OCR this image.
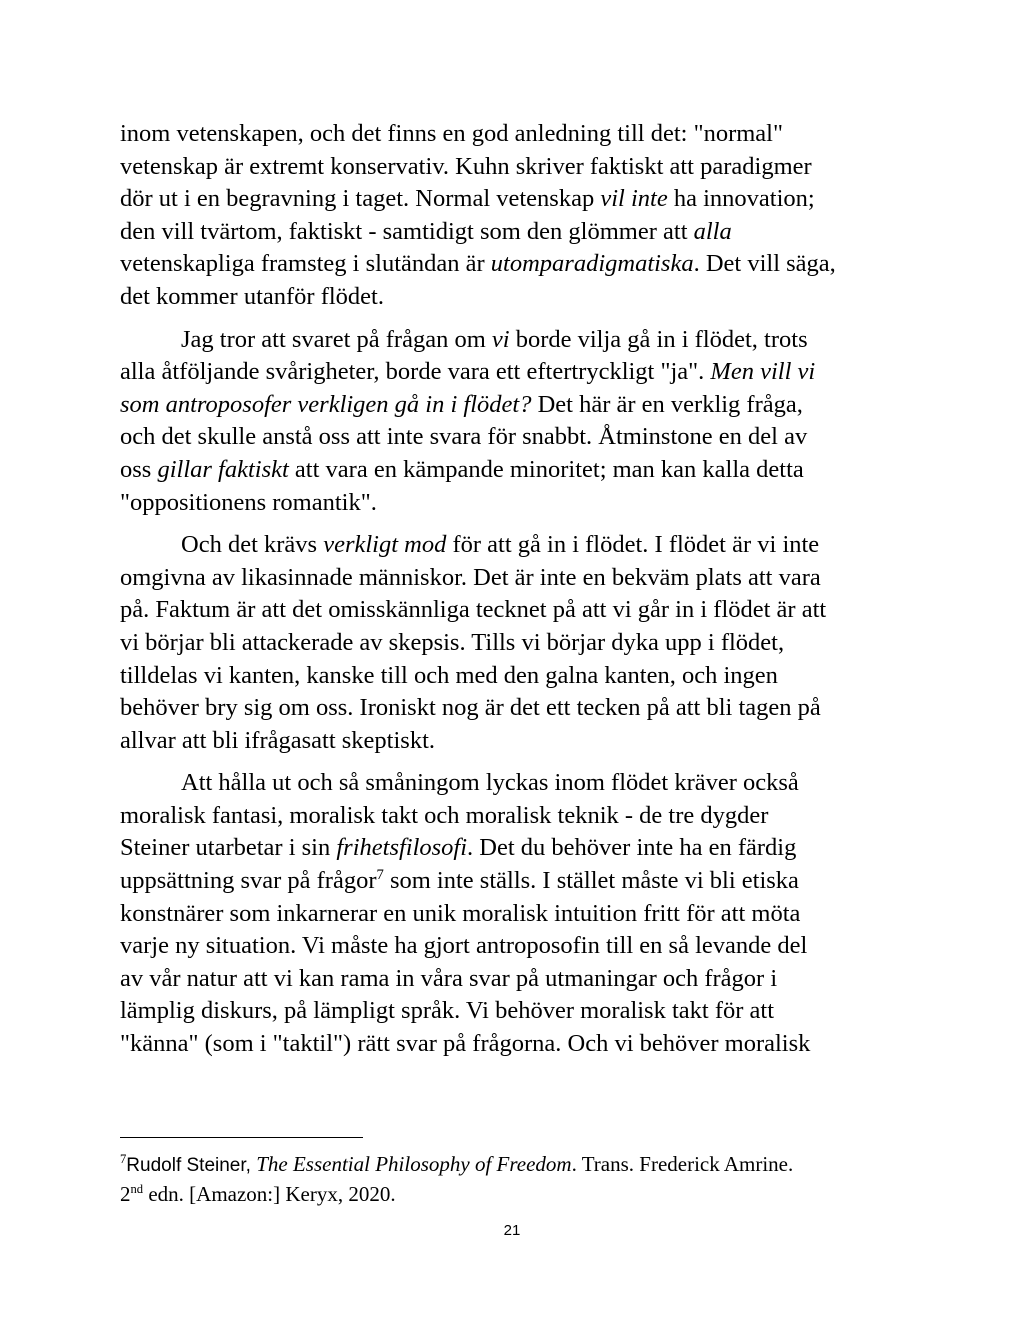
inom vetenskapen, och det finns en god anledning till det: "normal"
vetenskap är extremt konservativ. Kuhn skriver faktiskt att paradigmer
dör ut i en begravning i taget. Normal vetenskap vil inte ha innovation;
den vill tvärtom, faktiskt - samtidigt som den glömmer att alla
vetenskapliga framsteg i slutändan är utomparadigmatiska. Det vill säga,
det kommer utanför flödet.
Jag tror att svaret på frågan om vi borde vilja gå in i flödet, trots
alla åtföljande svårigheter, borde vara ett eftertryckligt "ja". Men vill vi
som antroposofer verkligen gå in i flödet? Det här är en verklig fråga,
och det skulle anstå oss att inte svara för snabbt. Åtminstone en del av
oss gillar faktiskt att vara en kämpande minoritet; man kan kalla detta
"oppositionens romantik".
Och det krävs verkligt mod för att gå in i flödet. I flödet är vi inte
omgivna av likasinnade människor. Det är inte en bekväm plats att vara
på. Faktum är att det omisskännliga tecknet på att vi går in i flödet är att
vi börjar bli attackerade av skepsis. Tills vi börjar dyka upp i flödet,
tilldelas vi kanten, kanske till och med den galna kanten, och ingen
behöver bry sig om oss. Ironiskt nog är det ett tecken på att bli tagen på
allvar att bli ifrågasatt skeptiskt.
Att hålla ut och så småningom lyckas inom flödet kräver också
moralisk fantasi, moralisk takt och moralisk teknik - de tre dygder
Steiner utarbetar i sin frihetsfilosofi. Det du behöver inte ha en färdig
uppsättning svar på frågor$^7$ som inte ställs. I stället måste vi bli etiska
konstnärer som inkarnerar en unik moralisk intuition fritt för att möta
varje ny situation. Vi måste ha gjort antroposofin till en så levande del
av vår natur att vi kan rama in våra svar på utmaningar och frågor i
lämplig diskurs, på lämpligt språk. Vi behöver moralisk takt för att
"känna" (som i "taktil") rätt svar på frågorna. Och vi behöver moralisk
$^7$Rudolf Steiner, The Essential Philosophy of Freedom. Trans. Frederick Amrine.
2nd edn. [Amazon:] Keryx, 2020.
21
